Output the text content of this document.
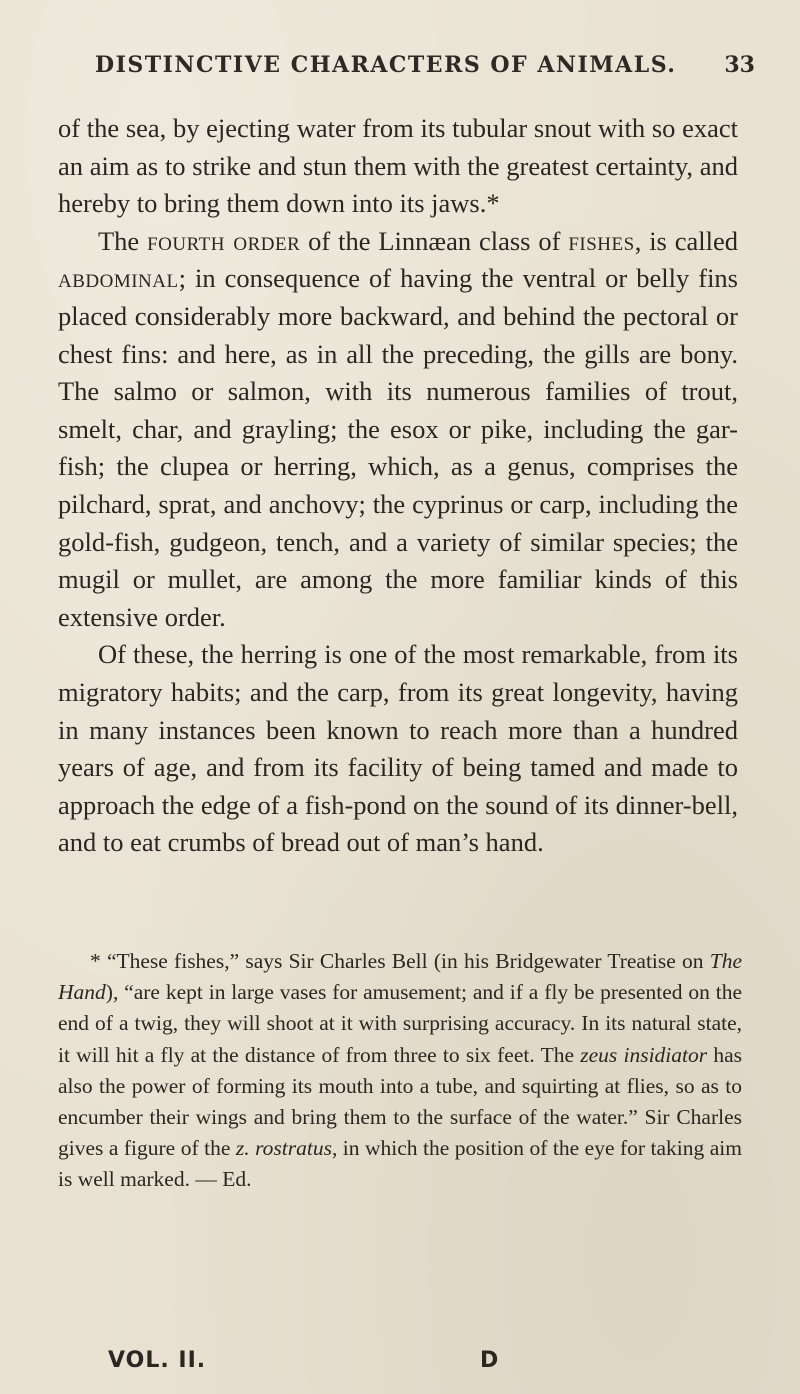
DISTINCTIVE CHARACTERS OF ANIMALS. 33

of the sea, by ejecting water from its tubular snout with so exact an aim as to strike and stun them with the greatest certainty, and hereby to bring them down into its jaws.*

The fourth order of the Linnæan class of fishes, is called abdominal; in consequence of having the ventral or belly fins placed considerably more backward, and behind the pectoral or chest fins: and here, as in all the preceding, the gills are bony. The salmo or salmon, with its numerous families of trout, smelt, char, and grayling; the esox or pike, including the gar-fish; the clupea or herring, which, as a genus, comprises the pilchard, sprat, and anchovy; the cyprinus or carp, including the gold-fish, gudgeon, tench, and a variety of similar species; the mugil or mullet, are among the more familiar kinds of this extensive order.

Of these, the herring is one of the most remarkable, from its migratory habits; and the carp, from its great longevity, having in many instances been known to reach more than a hundred years of age, and from its facility of being tamed and made to approach the edge of a fish-pond on the sound of its dinner-bell, and to eat crumbs of bread out of man’s hand.

* “These fishes,” says Sir Charles Bell (in his Bridgewater Treatise on The Hand), “are kept in large vases for amusement; and if a fly be presented on the end of a twig, they will shoot at it with surprising accuracy. In its natural state, it will hit a fly at the distance of from three to six feet. The zeus insidiator has also the power of forming its mouth into a tube, and squirting at flies, so as to encumber their wings and bring them to the surface of the water.” Sir Charles gives a figure of the z. rostratus, in which the position of the eye for taking aim is well marked. — Ed.

VOL. II.	D
